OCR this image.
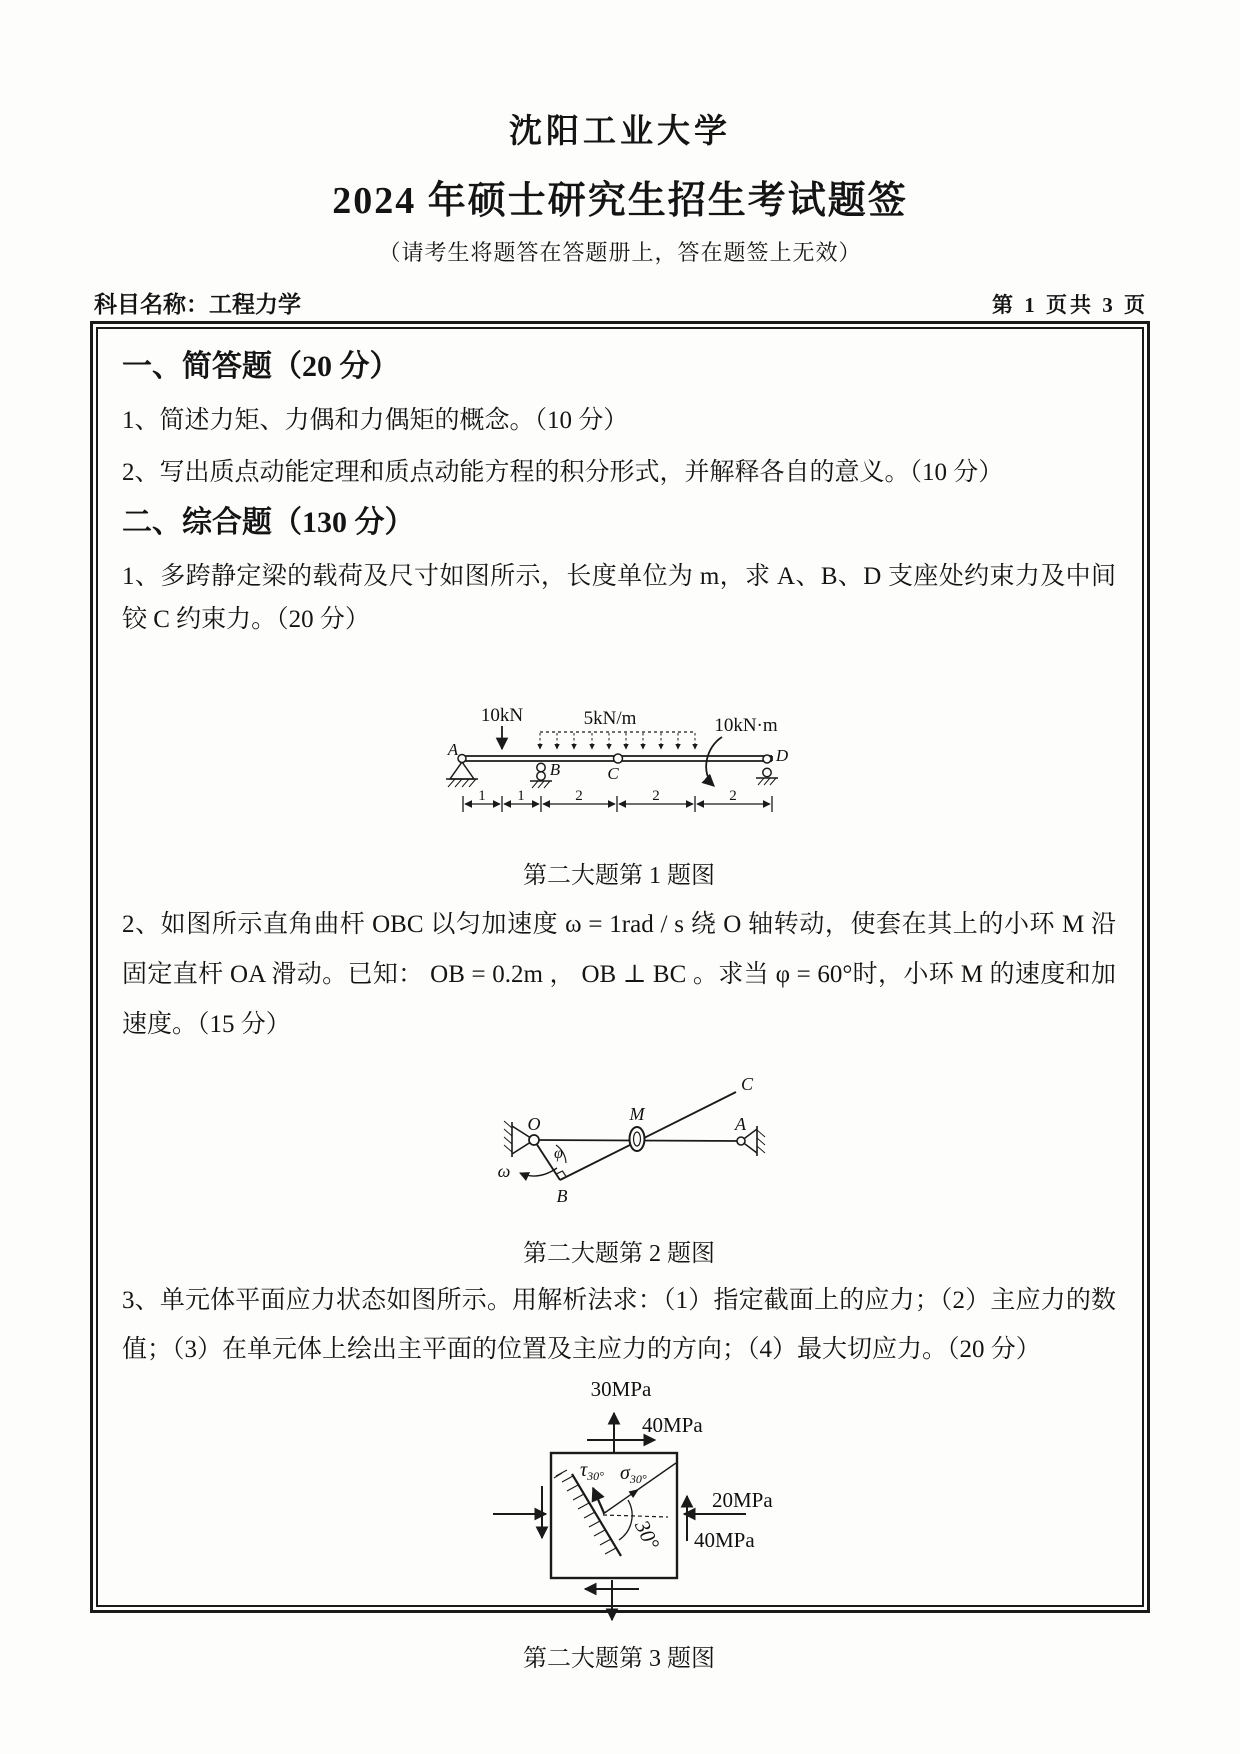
沈阳工业大学
2024 年硕士研究生招生考试题签
（请考生将题答在答题册上，答在题签上无效）
科目名称：工程力学	第 1 页共 3 页
一、简答题（20 分）
1、简述力矩、力偶和力偶矩的概念。（10 分）
2、写出质点动能定理和质点动能方程的积分形式，并解释各自的意义。（10 分）
二、综合题（130 分）
1、多跨静定梁的载荷及尺寸如图所示，长度单位为 m，求 A、B、D 支座处约束力及中间铰 C 约束力。（20 分）
10kN	5kN/m	10kN·m
A
B	C
D
1 1	2	2	2
第二大题第 1 题图
2、如图所示直角曲杆 OBC 以匀加速度 ω = 1rad / s 绕 O 轴转动，使套在其上的小环 M 沿固定直杆 OA 滑动。已知： OB = 0.2m ， OB ⊥ BC 。求当 φ = 60°时，小环 M 的速度和加速度。（15 分）
O
φ
ω
B
M
C
A
第二大题第 2 题图
3、单元体平面应力状态如图所示。用解析法求：（1）指定截面上的应力；（2）主应力的数值；（3）在单元体上绘出主平面的位置及主应力的方向；（4）最大切应力。（20 分）
30MPa
40MPa
20MPa
40MPa
$\tau_{30^\circ}$ $\sigma_{30^\circ}$
30°
第二大题第 3 题图
